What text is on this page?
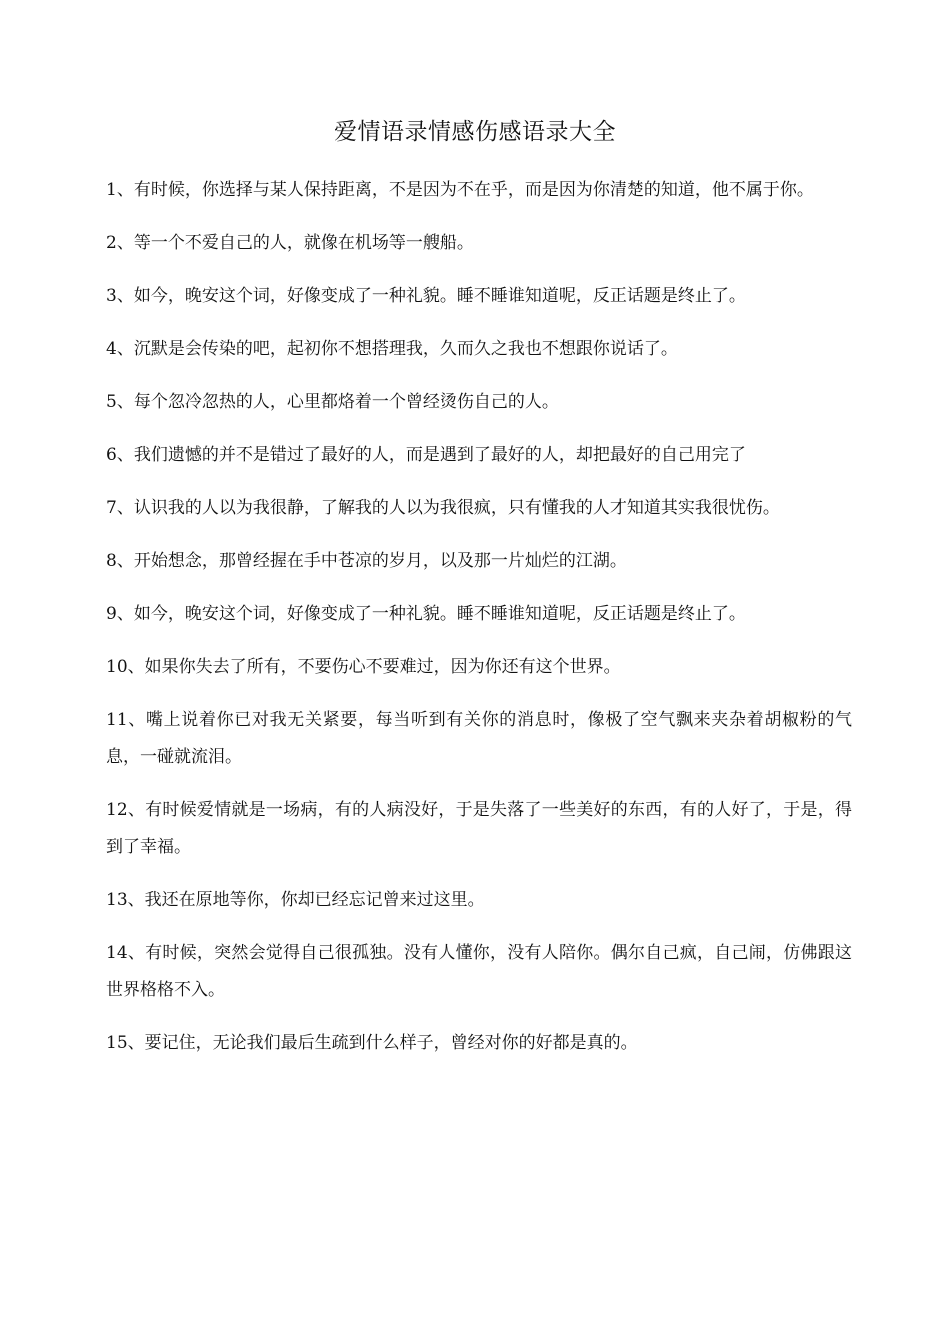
爱情语录情感伤感语录大全

1、有时候，你选择与某人保持距离，不是因为不在乎，而是因为你清楚的知道，他不属于你。

2、等一个不爱自己的人，就像在机场等一艘船。

3、如今，晚安这个词，好像变成了一种礼貌。睡不睡谁知道呢，反正话题是终止了。

4、沉默是会传染的吧，起初你不想搭理我，久而久之我也不想跟你说话了。

5、每个忽冷忽热的人，心里都烙着一个曾经烫伤自己的人。

6、我们遗憾的并不是错过了最好的人，而是遇到了最好的人，却把最好的自己用完了

7、认识我的人以为我很静，了解我的人以为我很疯，只有懂我的人才知道其实我很忧伤。

8、开始想念，那曾经握在手中苍凉的岁月，以及那一片灿烂的江湖。

9、如今，晚安这个词，好像变成了一种礼貌。睡不睡谁知道呢，反正话题是终止了。

10、如果你失去了所有，不要伤心不要难过，因为你还有这个世界。

11、嘴上说着你已对我无关紧要，每当听到有关你的消息时，像极了空气飘来夹杂着胡椒粉的气息，一碰就流泪。

12、有时候爱情就是一场病，有的人病没好，于是失落了一些美好的东西，有的人好了，于是，得到了幸福。

13、我还在原地等你，你却已经忘记曾来过这里。

14、有时候，突然会觉得自己很孤独。没有人懂你，没有人陪你。偶尔自己疯，自己闹，仿佛跟这世界格格不入。

15、要记住，无论我们最后生疏到什么样子，曾经对你的好都是真的。
